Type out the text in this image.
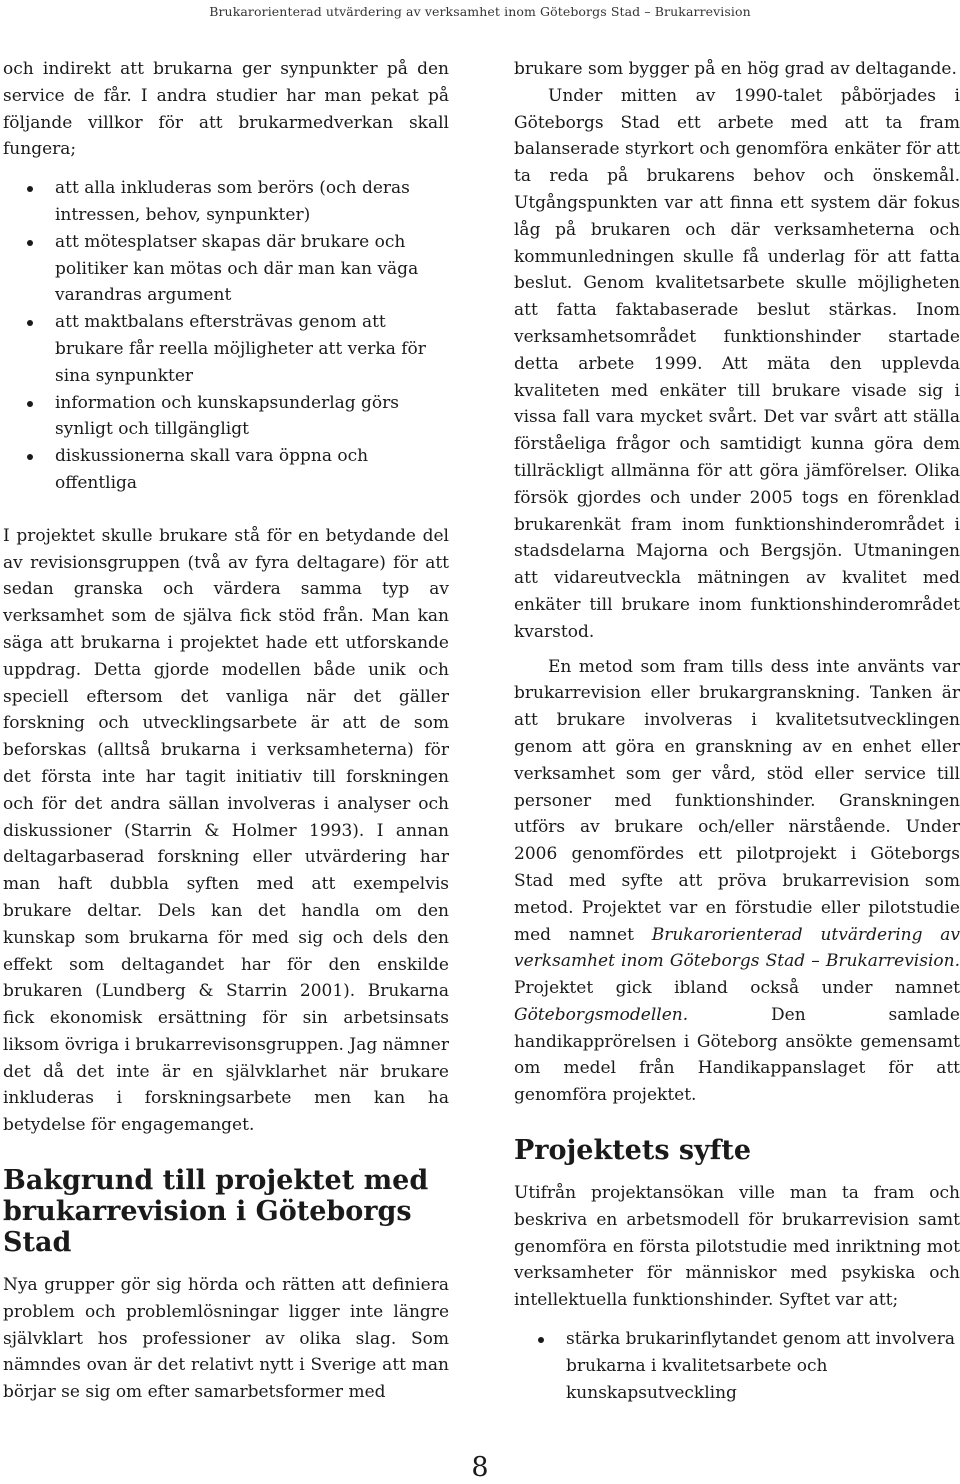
Brukarorienterad utvärdering av verksamhet inom Göteborgs Stad – Brukarrevision

och indirekt att brukarna ger synpunkter på den service de får. I andra studier har man pekat på följande villkor för att brukarmedverkan skall fungera;

att alla inkluderas som berörs (och deras intressen, behov, synpunkter)
att mötesplatser skapas där brukare och politiker kan mötas och där man kan väga varandras argument
att maktbalans eftersträvas genom att brukare får reella möjligheter att verka för sina synpunkter
information och kunskapsunderlag görs synligt och tillgängligt
diskussionerna skall vara öppna och offentliga

I projektet skulle brukare stå för en betydande del av revisionsgruppen (två av fyra deltagare) för att sedan granska och värdera samma typ av verksamhet som de själva fick stöd från. Man kan säga att brukarna i projektet hade ett utforskande uppdrag. Detta gjorde modellen både unik och speciell eftersom det vanliga när det gäller forskning och utvecklingsarbete är att de som beforskas (alltså brukarna i verksamheterna) för det första inte har tagit initiativ till forskningen och för det andra sällan involveras i analyser och diskussioner (Starrin & Holmer 1993). I annan deltagarbaserad forskning eller utvärdering har man haft dubbla syften med att exempelvis brukare deltar. Dels kan det handla om den kunskap som brukarna för med sig och dels den effekt som deltagandet har för den enskilde brukaren (Lundberg & Starrin 2001). Brukarna fick ekonomisk ersättning för sin arbetsinsats liksom övriga i brukarrevisonsgruppen. Jag nämner det då det inte är en självklarhet när brukare inkluderas i forskningsarbete men kan ha betydelse för engagemanget.

Bakgrund till projektet med brukarrevision i Göteborgs Stad

Nya grupper gör sig hörda och rätten att definiera problem och problemlösningar ligger inte längre självklart hos professioner av olika slag. Som nämndes ovan är det relativt nytt i Sverige att man börjar se sig om efter samarbetsformer med

brukare som bygger på en hög grad av deltagande.

Under mitten av 1990-talet påbörjades i Göteborgs Stad ett arbete med att ta fram balanserade styrkort och genomföra enkäter för att ta reda på brukarens behov och önskemål. Utgångspunkten var att finna ett system där fokus låg på brukaren och där verksamheterna och kommunledningen skulle få underlag för att fatta beslut. Genom kvalitetsarbete skulle möjligheten att fatta faktabaserade beslut stärkas. Inom verksamhetsområdet funktionshinder startade detta arbete 1999. Att mäta den upplevda kvaliteten med enkäter till brukare visade sig i vissa fall vara mycket svårt. Det var svårt att ställa förståeliga frågor och samtidigt kunna göra dem tillräckligt allmänna för att göra jämförelser. Olika försök gjordes och under 2005 togs en förenklad brukarenkät fram inom funktionshinderområdet i stadsdelarna Majorna och Bergsjön. Utmaningen att vidareutveckla mätningen av kvalitet med enkäter till brukare inom funktionshinderområdet kvarstod.

En metod som fram tills dess inte använts var brukarrevision eller brukargranskning. Tanken är att brukare involveras i kvalitetsutvecklingen genom att göra en granskning av en enhet eller verksamhet som ger vård, stöd eller service till personer med funktionshinder. Granskningen utförs av brukare och/eller närstående. Under 2006 genomfördes ett pilotprojekt i Göteborgs Stad med syfte att pröva brukarrevision som metod. Projektet var en förstudie eller pilotstudie med namnet Brukarorienterad utvärdering av verksamhet inom Göteborgs Stad – Brukarrevision. Projektet gick ibland också under namnet Göteborgsmodellen. Den samlade handikapprörelsen i Göteborg ansökte gemensamt om medel från Handikappanslaget för att genomföra projektet.

Projektets syfte

Utifrån projektansökan ville man ta fram och beskriva en arbetsmodell för brukarrevision samt genomföra en första pilotstudie med inriktning mot verksamheter för människor med psykiska och intellektuella funktionshinder. Syftet var att;

stärka brukarinflytandet genom att involvera brukarna i kvalitetsarbete och kunskapsutveckling
8
